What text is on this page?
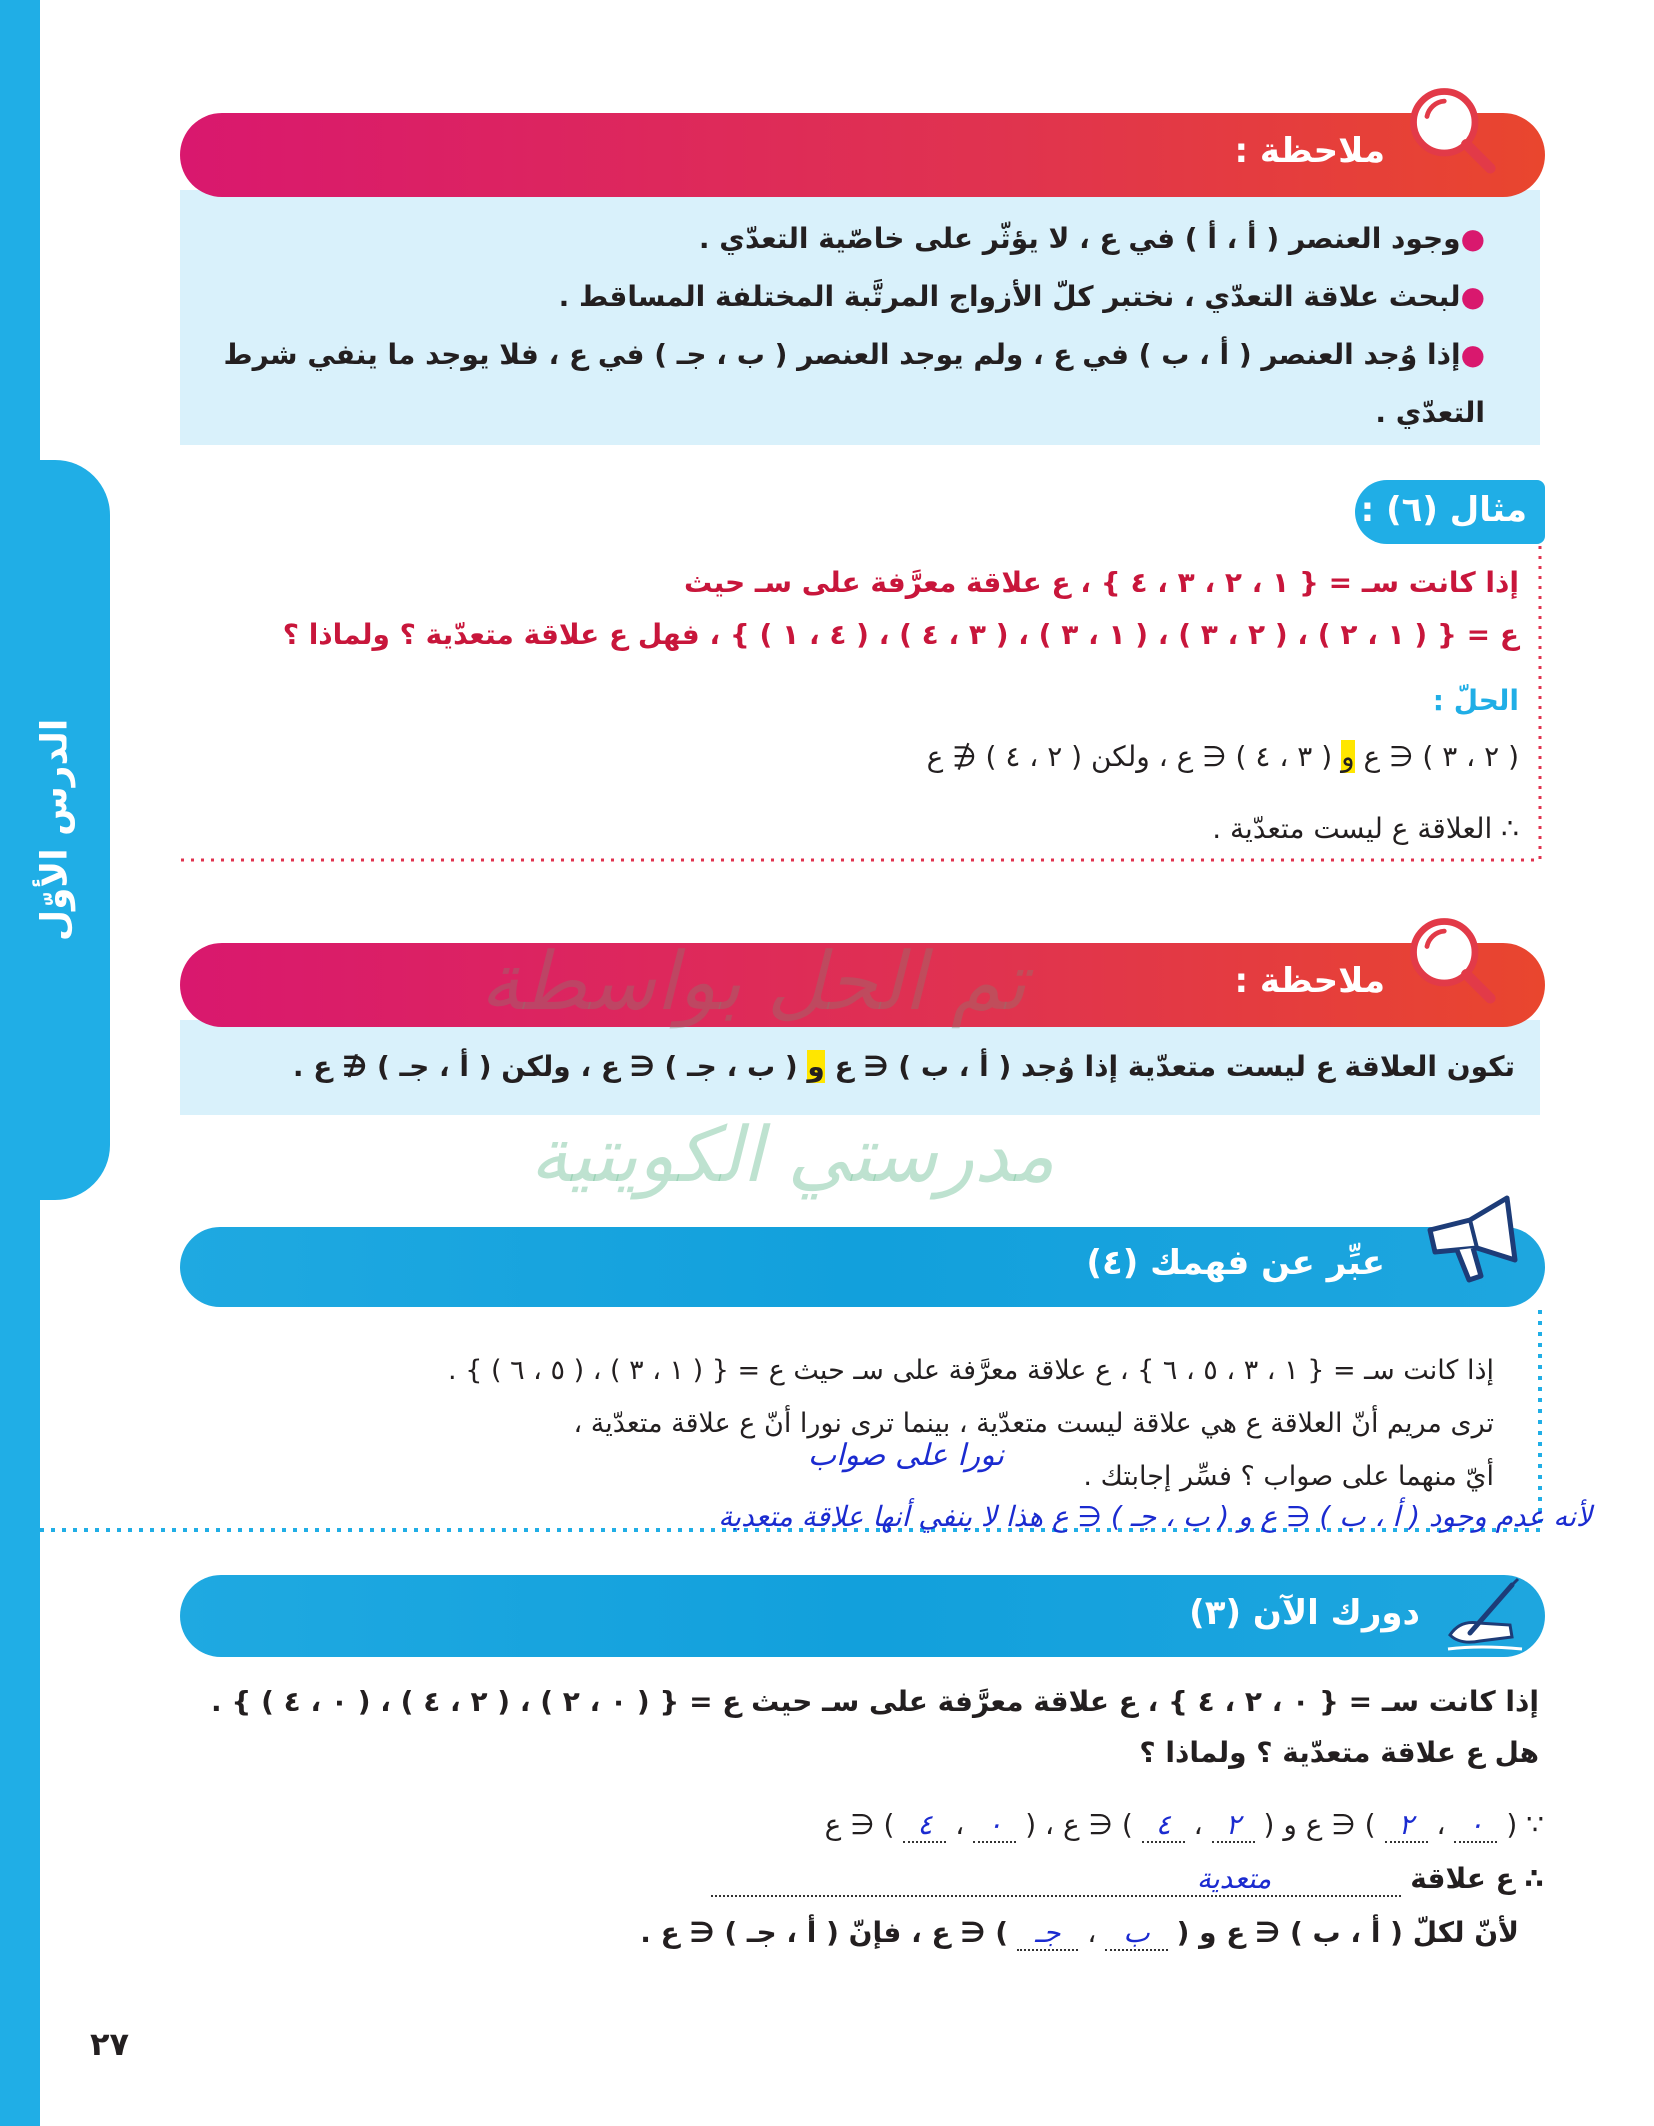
الدرس الأوّل
●وجود العنصر ( ﺃ ، ﺃ ) في ع ، لا يؤثّر على خاصّية التعدّي .
●لبحث علاقة التعدّي ، نختبر كلّ الأزواج المرتَّبة المختلفة المساقط .
●إذا وُجد العنصر ( ﺃ ، ب ) في ع ، ولم يوجد العنصر ( ب ، جـ ) في ع ، فلا يوجد ما ينفي شرط
التعدّي .
ملاحظة :
مثال (٦) :
إذا كانت سـ = { ١ ، ٢ ، ٣ ، ٤ } ، ع علاقة معرَّفة على سـ حيث
ع = { ( ١ ، ٢ ) ، ( ٢ ، ٣ ) ، ( ١ ، ٣ ) ، ( ٣ ، ٤ ) ، ( ٤ ، ١ ) } ، فهل ع علاقة متعدّية ؟ ولماذا ؟
الحلّ :
( ٢ ، ٣ ) ∈ ع و ( ٣ ، ٤ ) ∈ ع ، ولكن ( ٢ ، ٤ ) ∉ ع
∴ العلاقة ع ليست متعدّية .
تكون العلاقة ع ليست متعدّية إذا وُجد ( ﺃ ، ب ) ∈ ع و ( ب ، جـ ) ∈ ع ، ولكن ( ﺃ ، جـ ) ∉ ع .
ملاحظة :
تم الحل بواسطة
مدرستي الكويتية
عبِّر عن فهمك (٤)
إذا كانت سـ = { ١ ، ٣ ، ٥ ، ٦ } ، ع علاقة معرَّفة على سـ حيث ع = { ( ١ ، ٣ ) ، ( ٥ ، ٦ ) } .
ترى مريم أنّ العلاقة ع هي علاقة ليست متعدّية ، بينما ترى نورا أنّ ع علاقة متعدّية ،
أيّ منهما على صواب ؟ فسِّر إجابتك .
نورا على صواب
لأنه عدم وجود ( ﺃ ، ب ) ∈ ع و ( ب ، جـ ) ∈ ع هذا لا ينفي أنها علاقة متعدية
دورك الآن (٣)
إذا كانت سـ = { ٠ ، ٢ ، ٤ } ، ع علاقة معرَّفة على سـ حيث ع = { ( ٠ ، ٢ ) ، ( ٢ ، ٤ ) ، ( ٠ ، ٤ ) } .
هل ع علاقة متعدّية ؟ ولماذا ؟
∵ ( ٠ ، ٢ ) ∈ ع و ( ٢ ، ٤ ) ∈ ع ، ( ٠ ، ٤ ) ∈ ع
∴ ع علاقة متعدية
لأنّ لكلّ ( ﺃ ، ب ) ∈ ع و ( ب ، جـ ) ∈ ع ، فإنّ ( ﺃ ، جـ ) ∈ ع .
٢٧
